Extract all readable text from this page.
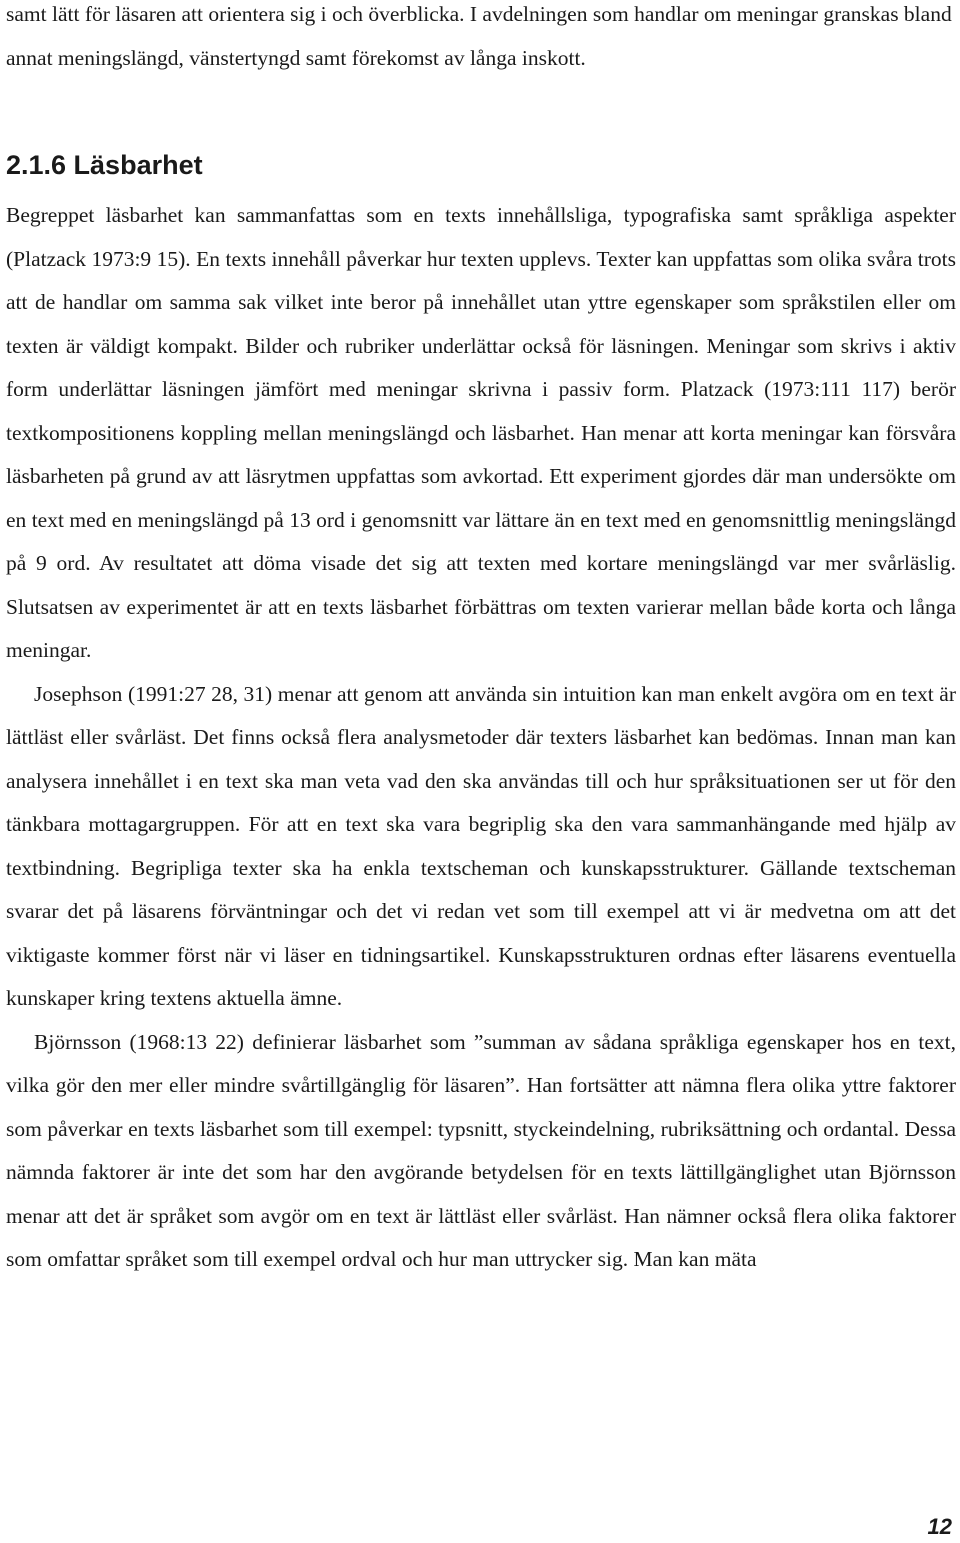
samt lätt för läsaren att orientera sig i och överblicka. I avdelningen som handlar om meningar granskas bland annat meningslängd, vänstertyngd samt förekomst av långa inskott.

2.1.6 Läsbarhet

Begreppet läsbarhet kan sammanfattas som en texts innehållsliga, typografiska samt språkliga aspekter (Platzack 1973:9 15). En texts innehåll påverkar hur texten upplevs. Texter kan uppfattas som olika svåra trots att de handlar om samma sak vilket inte beror på innehållet utan yttre egenskaper som språkstilen eller om texten är väldigt kompakt. Bilder och rubriker underlättar också för läsningen. Meningar som skrivs i aktiv form underlättar läsningen jämfört med meningar skrivna i passiv form. Platzack (1973:111 117) berör textkompositionens koppling mellan meningslängd och läsbarhet. Han menar att korta meningar kan försvåra läsbarheten på grund av att läsrytmen uppfattas som avkortad. Ett experiment gjordes där man undersökte om en text med en meningslängd på 13 ord i genomsnitt var lättare än en text med en genomsnittlig meningslängd på 9 ord. Av resultatet att döma visade det sig att texten med kortare meningslängd var mer svårläslig. Slutsatsen av experimentet är att en texts läsbarhet förbättras om texten varierar mellan både korta och långa meningar.

Josephson (1991:27 28, 31) menar att genom att använda sin intuition kan man enkelt avgöra om en text är lättläst eller svårläst. Det finns också flera analysmetoder där texters läsbarhet kan bedömas. Innan man kan analysera innehållet i en text ska man veta vad den ska användas till och hur språksituationen ser ut för den tänkbara mottagargruppen. För att en text ska vara begriplig ska den vara sammanhängande med hjälp av textbindning. Begripliga texter ska ha enkla textscheman och kunskapsstrukturer. Gällande textscheman svarar det på läsarens förväntningar och det vi redan vet som till exempel att vi är medvetna om att det viktigaste kommer först när vi läser en tidningsartikel. Kunskapsstrukturen ordnas efter läsarens eventuella kunskaper kring textens aktuella ämne.

Björnsson (1968:13 22) definierar läsbarhet som ”summan av sådana språkliga egenskaper hos en text, vilka gör den mer eller mindre svårtillgänglig för läsaren”. Han fortsätter att nämna flera olika yttre faktorer som påverkar en texts läsbarhet som till exempel: typsnitt, styckeindelning, rubriksättning och ordantal. Dessa nämnda faktorer är inte det som har den avgörande betydelsen för en texts lättillgänglighet utan Björnsson menar att det är språket som avgör om en text är lättläst eller svårläst. Han nämner också flera olika faktorer som omfattar språket som till exempel ordval och hur man uttrycker sig. Man kan mäta

12
